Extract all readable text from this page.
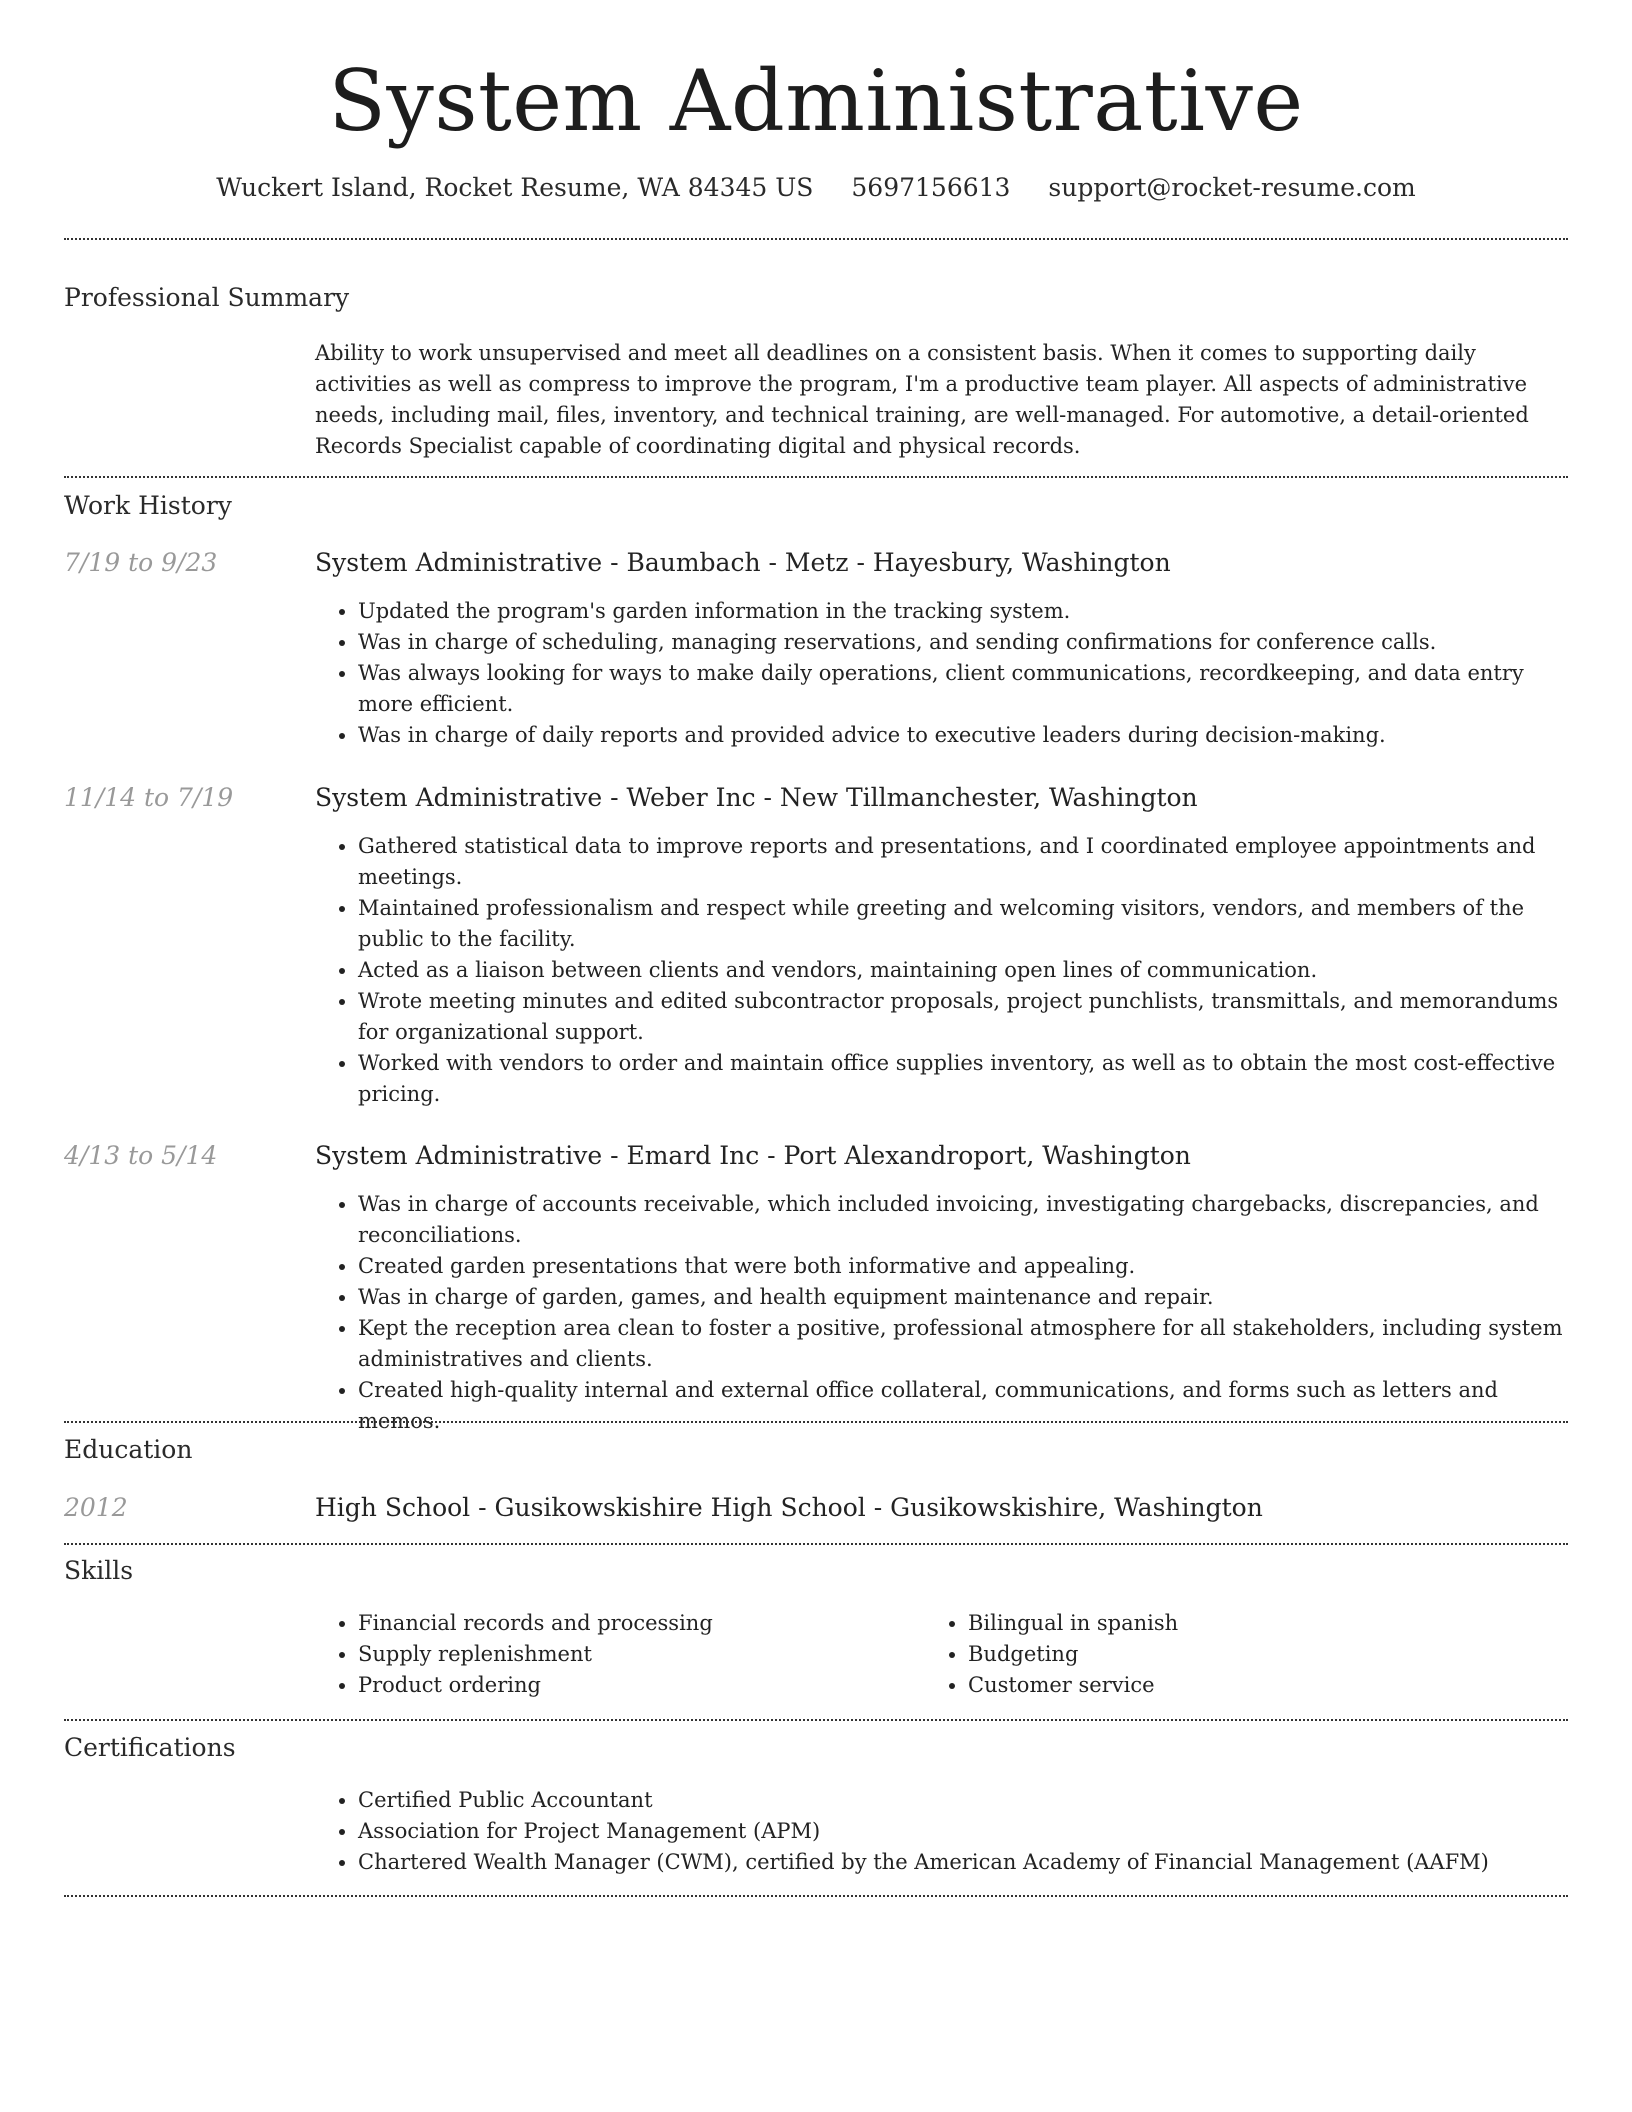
System Administrative
Wuckert Island, Rocket Resume, WA 84345 US 5697156613 support@rocket-resume.com
Professional Summary

Ability to work unsupervised and meet all deadlines on a consistent basis. When it comes to supporting daily activities as well as compress to improve the program, I'm a productive team player. All aspects of administrative needs, including mail, files, inventory, and technical training, are well-managed. For automotive, a detail-oriented Records Specialist capable of coordinating digital and physical records.

Work History
7/19 to 9/23	System Administrative - Baumbach - Metz - Hayesbury, Washington
• Updated the program's garden information in the tracking system.
• Was in charge of scheduling, managing reservations, and sending confirmations for conference calls.
• Was always looking for ways to make daily operations, client communications, recordkeeping, and data entry more efficient.
• Was in charge of daily reports and provided advice to executive leaders during decision-making.
11/14 to 7/19	System Administrative - Weber Inc - New Tillmanchester, Washington
• Gathered statistical data to improve reports and presentations, and I coordinated employee appointments and meetings.
• Maintained professionalism and respect while greeting and welcoming visitors, vendors, and members of the public to the facility.
• Acted as a liaison between clients and vendors, maintaining open lines of communication.
• Wrote meeting minutes and edited subcontractor proposals, project punchlists, transmittals, and memorandums for organizational support.
• Worked with vendors to order and maintain office supplies inventory, as well as to obtain the most cost-effective pricing.
4/13 to 5/14	System Administrative - Emard Inc - Port Alexandroport, Washington
• Was in charge of accounts receivable, which included invoicing, investigating chargebacks, discrepancies, and reconciliations.
• Created garden presentations that were both informative and appealing.
• Was in charge of garden, games, and health equipment maintenance and repair.
• Kept the reception area clean to foster a positive, professional atmosphere for all stakeholders, including system administratives and clients.
• Created high-quality internal and external office collateral, communications, and forms such as letters and memos.
Education
2012	High School - Gusikowskishire High School - Gusikowskishire, Washington
Skills
• Financial records and processing
• Supply replenishment
• Product ordering
• Bilingual in spanish
• Budgeting
• Customer service
Certifications
• Certified Public Accountant
• Association for Project Management (APM)
• Chartered Wealth Manager (CWM), certified by the American Academy of Financial Management (AAFM)
